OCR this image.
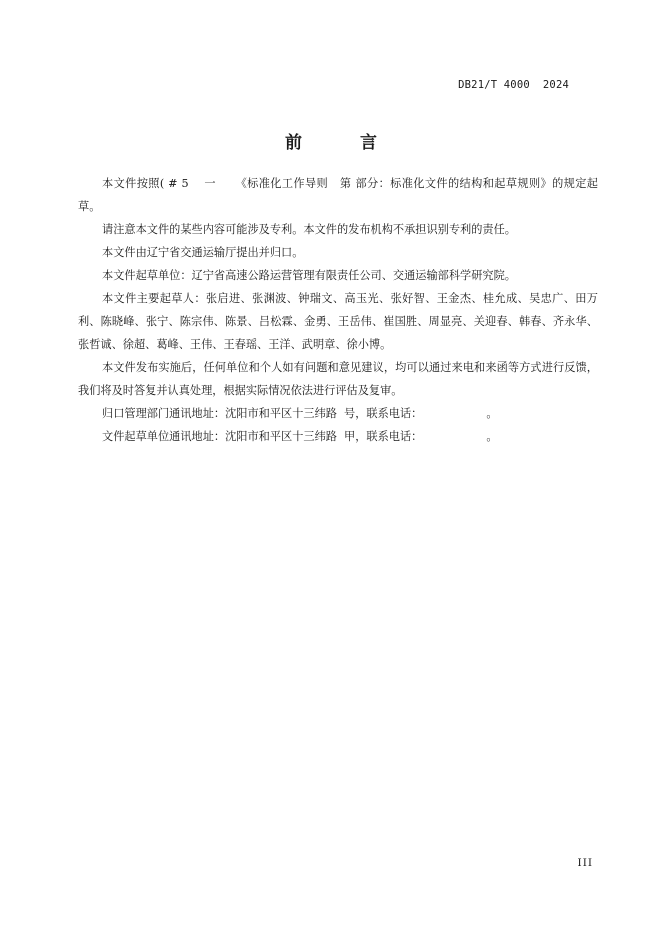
DB21/T 4000  2024
前言

本文件按照( # 5    一     《标准化工作导则   第 部分：标准化文件的结构和起草规则》的规定起草。

请注意本文件的某些内容可能涉及专利。本文件的发布机构不承担识别专利的责任。

本文件由辽宁省交通运输厅提出并归口。

本文件起草单位：辽宁省高速公路运营管理有限责任公司、交通运输部科学研究院。

本文件主要起草人：张启进、张渊波、钟瑞文、高玉光、张好智、王金杰、桂允成、吴忠广、田万利、陈晓峰、张宁、陈宗伟、陈景、吕松霖、金勇、王岳伟、崔国胜、周显亮、关迎春、韩春、齐永华、张哲诚、徐超、葛峰、王伟、王春瑶、王洋、武明章、徐小博。

本文件发布实施后，任何单位和个人如有问题和意见建议，均可以通过来电和来函等方式进行反馈，我们将及时答复并认真处理，根据实际情况依法进行评估及复审。

归口管理部门通讯地址：沈阳市和平区十三纬路  号，联系电话：                  。

文件起草单位通讯地址：沈阳市和平区十三纬路  甲，联系电话：                  。

III
